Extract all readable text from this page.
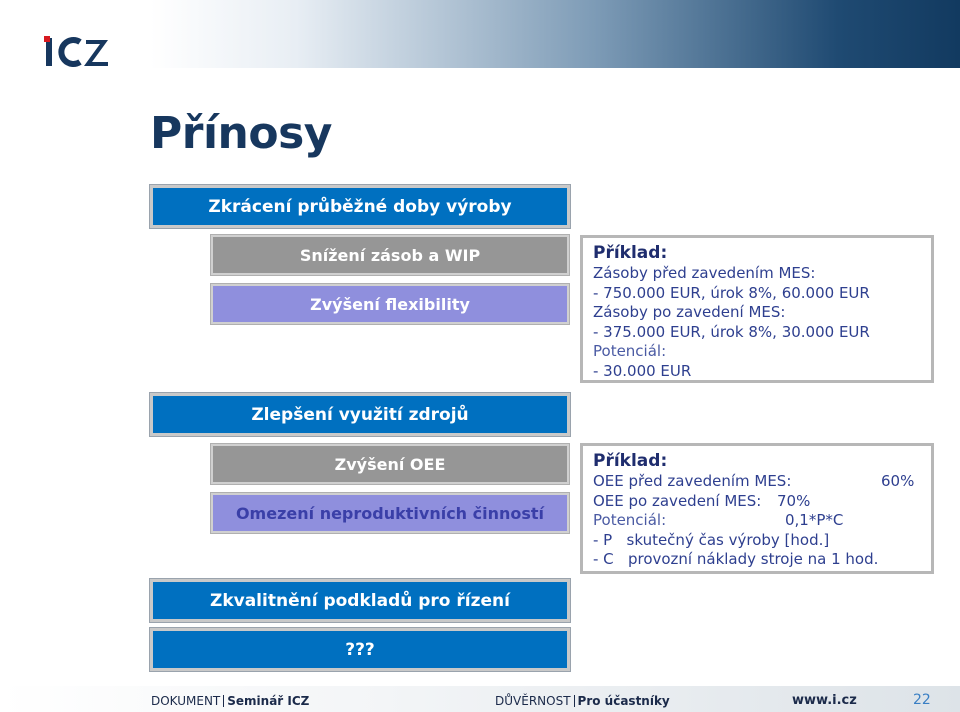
Přínosy
Zkrácení průběžné doby výroby
Snížení zásob a WIP
Zvýšení flexibility
Příklad:
Zásoby před zavedením MES:
- 750.000 EUR, úrok 8%, 60.000 EUR
Zásoby po zavedení MES:
- 375.000 EUR, úrok 8%, 30.000 EUR
Potenciál:
- 30.000 EUR
Zlepšení využití zdrojů
Zvýšení OEE
Omezení neproduktivních činností
Příklad:
OEE před zavedením MES:	60%
OEE po zavedení MES:	70%
Potenciál:	0,1*P*C
- P   skutečný čas výroby [hod.]
- C   provozní náklady stroje na 1 hod.
Zkvalitnění podkladů pro řízení
???
DOKUMENT Seminář ICZ	DŮVĚRNOST Pro účastníky	www.i.cz	22
